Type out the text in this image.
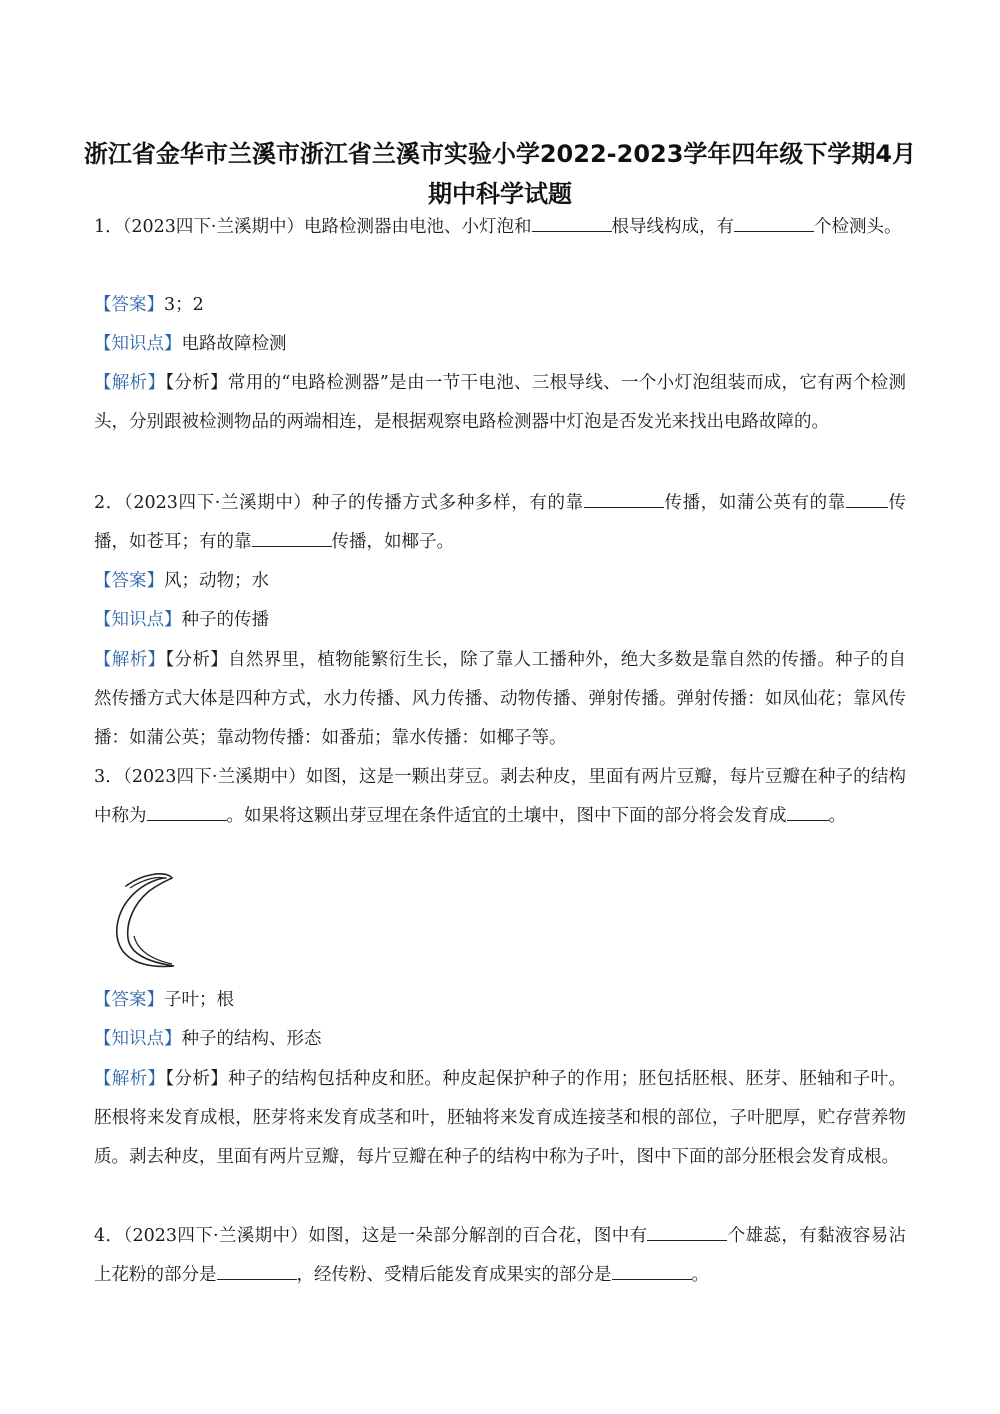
浙江省金华市兰溪市浙江省兰溪市实验小学2022-2023学年四年级下学期4月
期中科学试题

1．（2023四下·兰溪期中）电路检测器由电池、小灯泡和	根导线构成，有	个检测头。

【答案】3；2

【知识点】电路故障检测

【解析】【分析】常用的“电路检测器”是由一节干电池、三根导线、一个小灯泡组装而成，它有两个检测头，分别跟被检测物品的两端相连，是根据观察电路检测器中灯泡是否发光来找出电路故障的。

2．（2023四下·兰溪期中）种子的传播方式多种多样，有的靠	传播，如蒲公英有的靠 传播，如苍耳；有的靠	传播，如椰子。

【答案】风；动物；水

【知识点】种子的传播

【解析】【分析】自然界里，植物能繁衍生长，除了靠人工播种外，绝大多数是靠自然的传播。种子的自然传播方式大体是四种方式，水力传播、风力传播、动物传播、弹射传播。弹射传播：如凤仙花；靠风传播：如蒲公英；靠动物传播：如番茄；靠水传播：如椰子等。

3．（2023四下·兰溪期中）如图，这是一颗出芽豆。剥去种皮，里面有两片豆瓣，每片豆瓣在种子的结构中称为	。如果将这颗出芽豆埋在条件适宜的土壤中，图中下面的部分将会发育成 。

【答案】子叶；根

【知识点】种子的结构、形态

【解析】【分析】种子的结构包括种皮和胚。种皮起保护种子的作用；胚包括胚根、胚芽、胚轴和子叶。胚根将来发育成根，胚芽将来发育成茎和叶，胚轴将来发育成连接茎和根的部位，子叶肥厚，贮存营养物质。剥去种皮，里面有两片豆瓣，每片豆瓣在种子的结构中称为子叶，图中下面的部分胚根会发育成根。

4．（2023四下·兰溪期中）如图，这是一朵部分解剖的百合花，图中有	个雄蕊，有黏液容易沾上花粉的部分是	，经传粉、受精后能发育成果实的部分是	。
